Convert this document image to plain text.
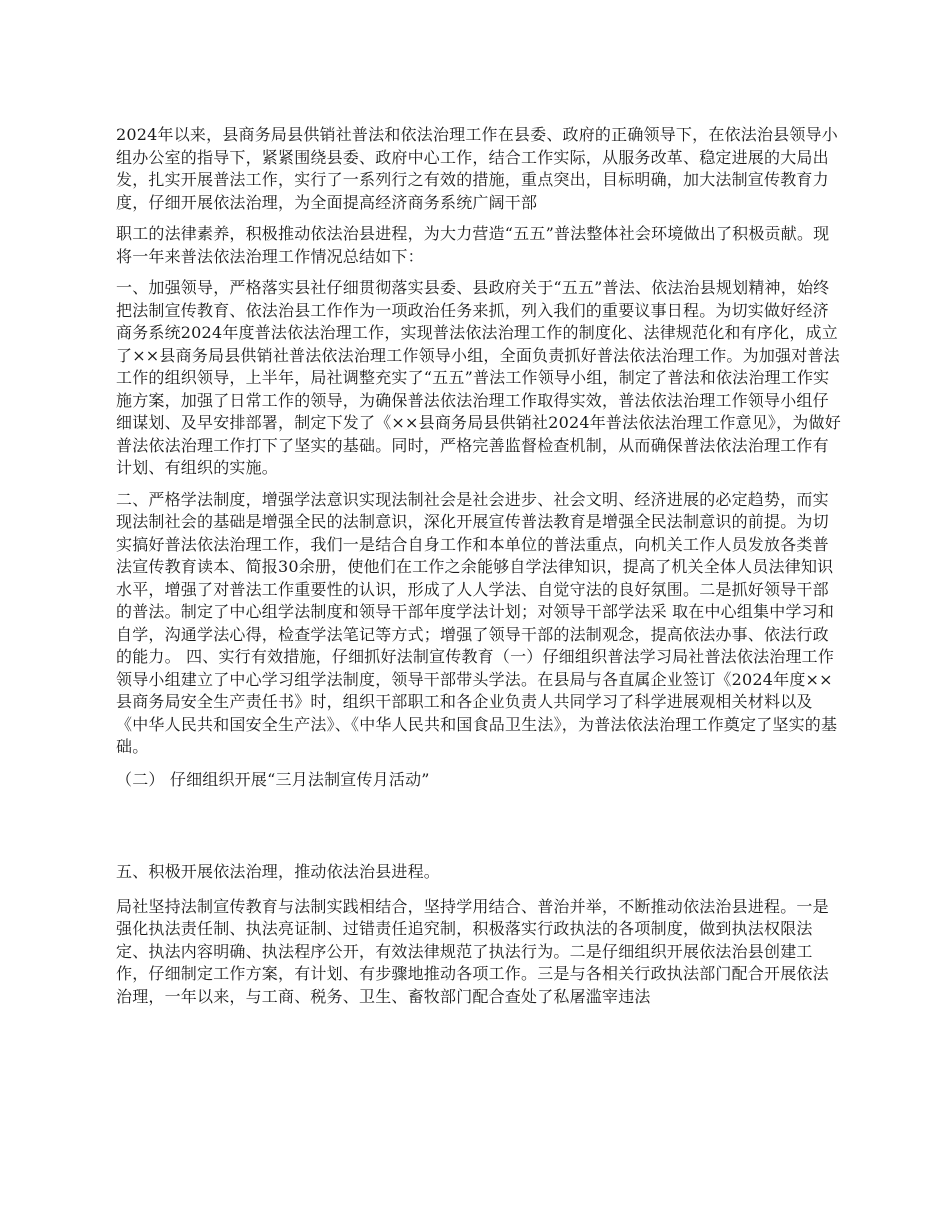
2024年以来，县商务局县供销社普法和依法治理工作在县委、政府的正确领导下，在依法治县领导小组办公室的指导下，紧紧围绕县委、政府中心工作，结合工作实际，从服务改革、稳定进展的大局出发，扎实开展普法工作，实行了一系列行之有效的措施，重点突出，目标明确，加大法制宣传教育力度，仔细开展依法治理，为全面提高经济商务系统广阔干部

职工的法律素养，积极推动依法治县进程，为大力营造“五五”普法整体社会环境做出了积极贡献。现将一年来普法依法治理工作情况总结如下：

一、加强领导，严格落实县社仔细贯彻落实县委、县政府关于“五五”普法、依法治县规划精神，始终把法制宣传教育、依法治县工作作为一项政治任务来抓，列入我们的重要议事日程。为切实做好经济商务系统2024年度普法依法治理工作，实现普法依法治理工作的制度化、法律规范化和有序化，成立了××县商务局县供销社普法依法治理工作领导小组，全面负责抓好普法依法治理工作。为加强对普法工作的组织领导，上半年，局社调整充实了“五五”普法工作领导小组，制定了普法和依法治理工作实施方案，加强了日常工作的领导，为确保普法依法治理工作取得实效，普法依法治理工作领导小组仔细谋划、及早安排部署，制定下发了《××县商务局县供销社2024年普法依法治理工作意见》，为做好普法依法治理工作打下了坚实的基础。同时，严格完善监督检查机制，从而确保普法依法治理工作有计划、有组织的实施。

二、严格学法制度，增强学法意识实现法制社会是社会进步、社会文明、经济进展的必定趋势，而实现法制社会的基础是增强全民的法制意识，深化开展宣传普法教育是增强全民法制意识的前提。为切实搞好普法依法治理工作，我们一是结合自身工作和本单位的普法重点，向机关工作人员发放各类普法宣传教育读本、简报30余册，使他们在工作之余能够自学法律知识，提高了机关全体人员法律知识水平，增强了对普法工作重要性的认识，形成了人人学法、自觉守法的良好氛围。二是抓好领导干部的普法。制定了中心组学法制度和领导干部年度学法计划；对领导干部学法采 取在中心组集中学习和自学，沟通学法心得，检查学法笔记等方式；增强了领导干部的法制观念，提高依法办事、依法行政的能力。 四、实行有效措施，仔细抓好法制宣传教育（一）仔细组织普法学习局社普法依法治理工作领导小组建立了中心学习组学法制度，领导干部带头学法。在县局与各直属企业签订《2024年度××县商务局安全生产责任书》时，组织干部职工和各企业负责人共同学习了科学进展观相关材料以及《中华人民共和国安全生产法》、《中华人民共和国食品卫生法》，为普法依法治理工作奠定了坚实的基础。

（二） 仔细组织开展“三月法制宣传月活动”

五、积极开展依法治理，推动依法治县进程。

局社坚持法制宣传教育与法制实践相结合，坚持学用结合、普治并举，不断推动依法治县进程。一是强化执法责任制、执法亮证制、过错责任追究制，积极落实行政执法的各项制度，做到执法权限法定、执法内容明确、执法程序公开，有效法律规范了执法行为。二是仔细组织开展依法治县创建工作，仔细制定工作方案，有计划、有步骤地推动各项工作。三是与各相关行政执法部门配合开展依法治理，一年以来，与工商、税务、卫生、畜牧部门配合查处了私屠滥宰违法
